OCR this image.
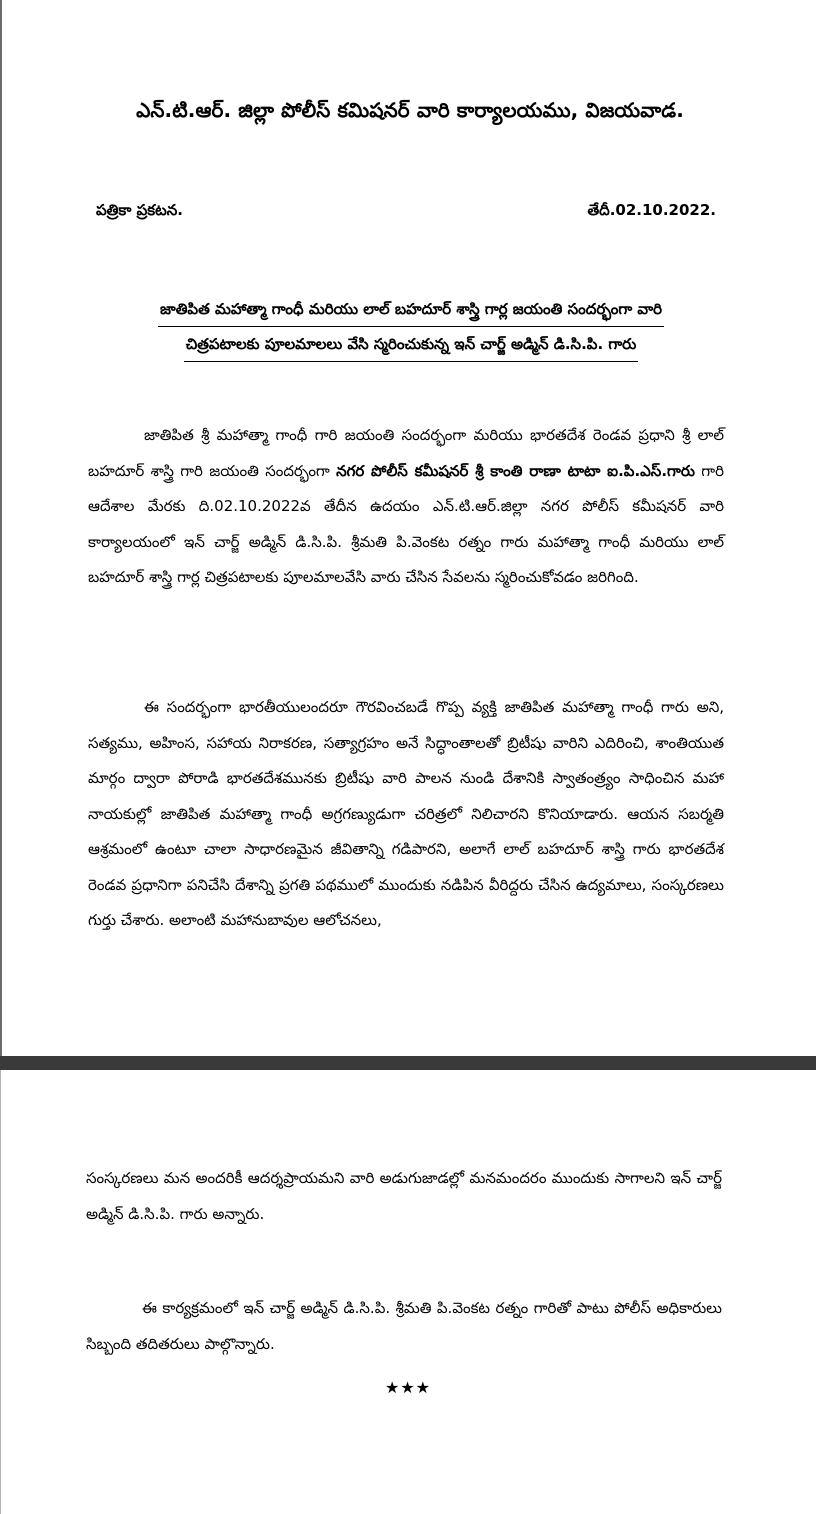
ఎన్.టి.ఆర్. జిల్లా పోలీస్ కమిషనర్ వారి కార్యాలయము, విజయవాడ.
పత్రికా ప్రకటన.	తేదీ.02.10.2022.
జాతిపిత మహాత్మా గాంధీ మరియు లాల్ బహదూర్ శాస్త్రి గార్ల జయంతి సందర్భంగా వారి
చిత్రపటాలకు పూలమాలలు వేసి స్మరించుకున్న ఇన్ చార్జ్ అడ్మిన్ డి.సి.పి. గారు

జాతిపిత శ్రీ మహాత్మా గాంధీ గారి జయంతి సందర్భంగా మరియు భారతదేశ రెండవ ప్రధాని శ్రీ లాల్ బహదూర్ శాస్త్రి గారి జయంతి సందర్భంగా నగర పోలీస్ కమీషనర్ శ్రీ కాంతి రాణా టాటా ఐ.పి.ఎస్.గారు గారి ఆదేశాల మేరకు ది.02.10.2022వ తేదీన ఉదయం ఎన్.టి.ఆర్.జిల్లా నగర పోలీస్ కమీషనర్ వారి కార్యాలయంలో ఇన్ చార్జ్ అడ్మిన్ డి.సి.పి. శ్రీమతి పి.వెంకట రత్నం గారు మహాత్మా గాంధీ మరియు లాల్ బహదూర్ శాస్త్రి గార్ల చిత్రపటాలకు పూలమాలవేసి వారు చేసిన సేవలను స్మరించుకోవడం జరిగింది.

ఈ సందర్భంగా భారతీయులందరూ గౌరవించబడే గొప్ప వ్యక్తి జాతిపిత మహాత్మా గాంధీ గారు అని, సత్యము, అహింస, సహాయ నిరాకరణ, సత్యాగ్రహం అనే సిద్ధాంతాలతో బ్రిటీషు వారిని ఎదిరించి, శాంతియుత మార్గం ద్వారా పోరాడి భారతదేశమునకు బ్రిటీషు వారి పాలన నుండి దేశానికి స్వాతంత్ర్యం సాధించిన మహా నాయకుల్లో జాతిపిత మహాత్మా గాంధీ అగ్రగణ్యుడుగా చరిత్రలో నిలిచారని కొనియాడారు. ఆయన సబర్మతి ఆశ్రమంలో ఉంటూ చాలా సాధారణమైన జీవితాన్ని గడిపారని, అలాగే లాల్ బహదూర్ శాస్త్రి గారు భారతదేశ రెండవ ప్రధానిగా పనిచేసి దేశాన్ని ప్రగతి పథములో ముందుకు నడిపిన వీరిద్దరు చేసిన ఉద్యమాలు, సంస్కరణలు గుర్తు చేశారు. అలాంటి మహానుబావుల ఆలోచనలు,

సంస్కరణలు మన అందరికీ ఆదర్శప్రాయమని వారి అడుగుజాడల్లో మనమందరం ముందుకు సాగాలని ఇన్ చార్జ్ అడ్మిన్ డి.సి.పి. గారు అన్నారు.

ఈ కార్యక్రమంలో ఇన్ చార్జ్ అడ్మిన్ డి.సి.పి. శ్రీమతి పి.వెంకట రత్నం గారితో పాటు పోలీస్ అధికారులు సిబ్బంది తదితరులు పాల్గొన్నారు.

★★★
